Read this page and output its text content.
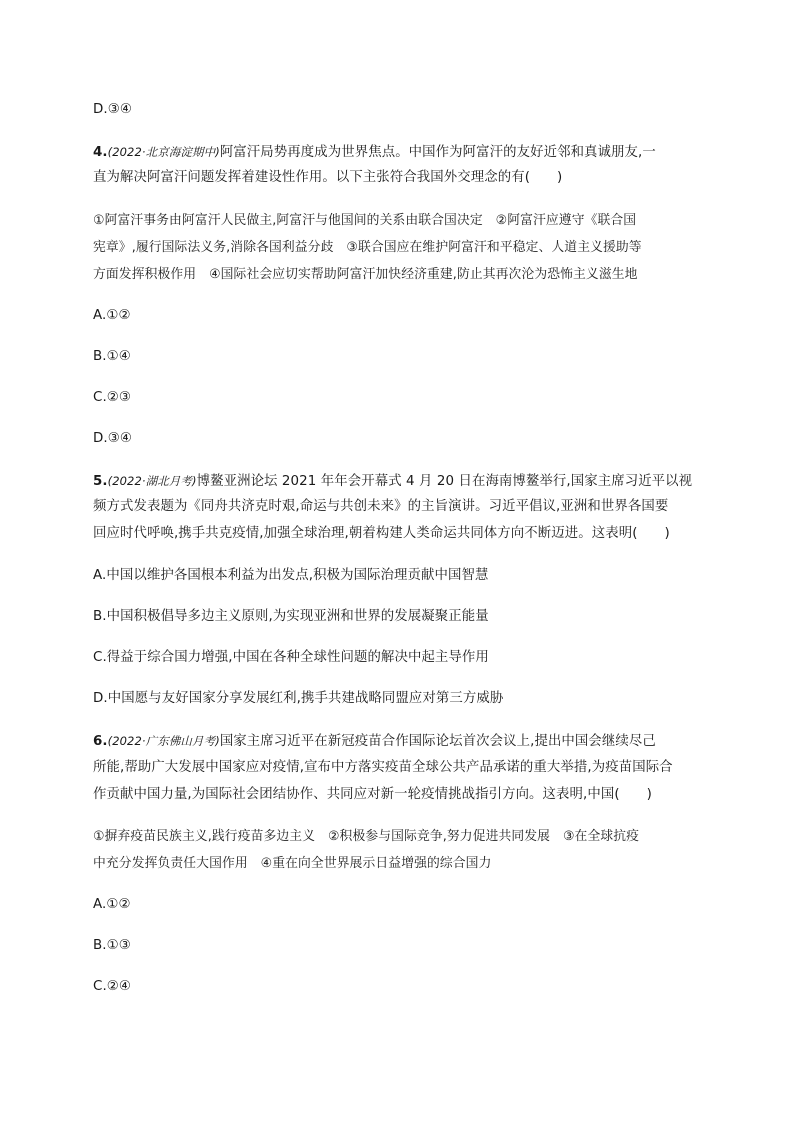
D.③④
4.(2022·北京海淀期中)阿富汗局势再度成为世界焦点。中国作为阿富汗的友好近邻和真诚朋友,一
直为解决阿富汗问题发挥着建设性作用。以下主张符合我国外交理念的有(　　)
①阿富汗事务由阿富汗人民做主,阿富汗与他国间的关系由联合国决定　②阿富汗应遵守《联合国
宪章》,履行国际法义务,消除各国利益分歧　③联合国应在维护阿富汗和平稳定、人道主义援助等
方面发挥积极作用　④国际社会应切实帮助阿富汗加快经济重建,防止其再次沦为恐怖主义滋生地
A.①②
B.①④
C.②③
D.③④
5.(2022·湖北月考)博鳌亚洲论坛 2021 年年会开幕式 4 月 20 日在海南博鳌举行,国家主席习近平以视
频方式发表题为《同舟共济克时艰,命运与共创未来》的主旨演讲。习近平倡议,亚洲和世界各国要
回应时代呼唤,携手共克疫情,加强全球治理,朝着构建人类命运共同体方向不断迈进。这表明(　　)
A.中国以维护各国根本利益为出发点,积极为国际治理贡献中国智慧
B.中国积极倡导多边主义原则,为实现亚洲和世界的发展凝聚正能量
C.得益于综合国力增强,中国在各种全球性问题的解决中起主导作用
D.中国愿与友好国家分享发展红利,携手共建战略同盟应对第三方威胁
6.(2022·广东佛山月考)国家主席习近平在新冠疫苗合作国际论坛首次会议上,提出中国会继续尽己
所能,帮助广大发展中国家应对疫情,宣布中方落实疫苗全球公共产品承诺的重大举措,为疫苗国际合
作贡献中国力量,为国际社会团结协作、共同应对新一轮疫情挑战指引方向。这表明,中国(　　)
①摒弃疫苗民族主义,践行疫苗多边主义　②积极参与国际竞争,努力促进共同发展　③在全球抗疫
中充分发挥负责任大国作用　④重在向全世界展示日益增强的综合国力
A.①②
B.①③
C.②④
